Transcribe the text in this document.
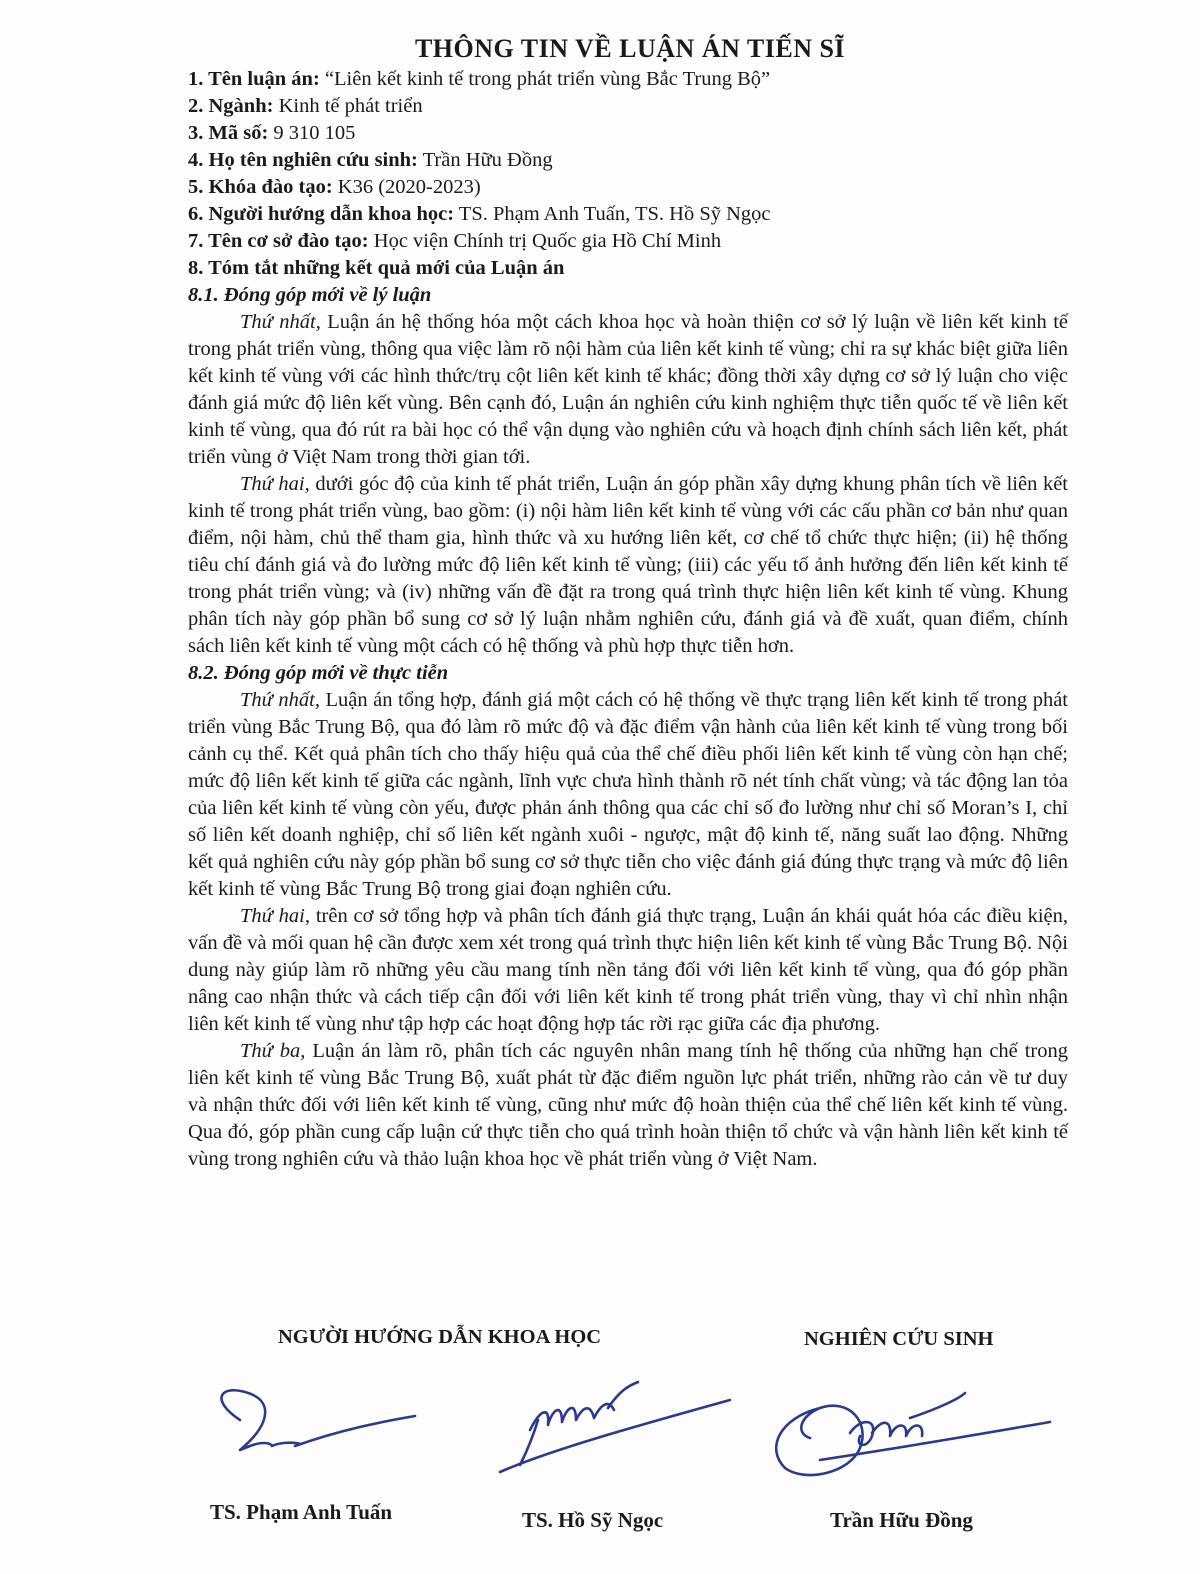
THÔNG TIN VỀ LUẬN ÁN TIẾN SĨ
1. Tên luận án: “Liên kết kinh tế trong phát triển vùng Bắc Trung Bộ”
2. Ngành: Kinh tế phát triển
3. Mã số: 9 310 105
4. Họ tên nghiên cứu sinh: Trần Hữu Đồng
5. Khóa đào tạo: K36 (2020-2023)
6. Người hướng dẫn khoa học: TS. Phạm Anh Tuấn, TS. Hồ Sỹ Ngọc
7. Tên cơ sở đào tạo: Học viện Chính trị Quốc gia Hồ Chí Minh
8. Tóm tắt những kết quả mới của Luận án
8.1. Đóng góp mới về lý luận

Thứ nhất, Luận án hệ thống hóa một cách khoa học và hoàn thiện cơ sở lý luận về liên kết kinh tế trong phát triển vùng, thông qua việc làm rõ nội hàm của liên kết kinh tế vùng; chỉ ra sự khác biệt giữa liên kết kinh tế vùng với các hình thức/trụ cột liên kết kinh tế khác; đồng thời xây dựng cơ sở lý luận cho việc đánh giá mức độ liên kết vùng. Bên cạnh đó, Luận án nghiên cứu kinh nghiệm thực tiễn quốc tế về liên kết kinh tế vùng, qua đó rút ra bài học có thể vận dụng vào nghiên cứu và hoạch định chính sách liên kết, phát triển vùng ở Việt Nam trong thời gian tới.

Thứ hai, dưới góc độ của kinh tế phát triển, Luận án góp phần xây dựng khung phân tích về liên kết kinh tế trong phát triển vùng, bao gồm: (i) nội hàm liên kết kinh tế vùng với các cấu phần cơ bản như quan điểm, nội hàm, chủ thể tham gia, hình thức và xu hướng liên kết, cơ chế tổ chức thực hiện; (ii) hệ thống tiêu chí đánh giá và đo lường mức độ liên kết kinh tế vùng; (iii) các yếu tố ảnh hưởng đến liên kết kinh tế trong phát triển vùng; và (iv) những vấn đề đặt ra trong quá trình thực hiện liên kết kinh tế vùng. Khung phân tích này góp phần bổ sung cơ sở lý luận nhằm nghiên cứu, đánh giá và đề xuất, quan điểm, chính sách liên kết kinh tế vùng một cách có hệ thống và phù hợp thực tiễn hơn.

8.2. Đóng góp mới về thực tiễn

Thứ nhất, Luận án tổng hợp, đánh giá một cách có hệ thống về thực trạng liên kết kinh tế trong phát triển vùng Bắc Trung Bộ, qua đó làm rõ mức độ và đặc điểm vận hành của liên kết kinh tế vùng trong bối cảnh cụ thể. Kết quả phân tích cho thấy hiệu quả của thể chế điều phối liên kết kinh tế vùng còn hạn chế; mức độ liên kết kinh tế giữa các ngành, lĩnh vực chưa hình thành rõ nét tính chất vùng; và tác động lan tỏa của liên kết kinh tế vùng còn yếu, được phản ánh thông qua các chỉ số đo lường như chỉ số Moran’s I, chỉ số liên kết doanh nghiệp, chỉ số liên kết ngành xuôi - ngược, mật độ kinh tế, năng suất lao động. Những kết quả nghiên cứu này góp phần bổ sung cơ sở thực tiễn cho việc đánh giá đúng thực trạng và mức độ liên kết kinh tế vùng Bắc Trung Bộ trong giai đoạn nghiên cứu.

Thứ hai, trên cơ sở tổng hợp và phân tích đánh giá thực trạng, Luận án khái quát hóa các điều kiện, vấn đề và mối quan hệ cần được xem xét trong quá trình thực hiện liên kết kinh tế vùng Bắc Trung Bộ. Nội dung này giúp làm rõ những yêu cầu mang tính nền tảng đối với liên kết kinh tế vùng, qua đó góp phần nâng cao nhận thức và cách tiếp cận đối với liên kết kinh tế trong phát triển vùng, thay vì chỉ nhìn nhận liên kết kinh tế vùng như tập hợp các hoạt động hợp tác rời rạc giữa các địa phương.

Thứ ba, Luận án làm rõ, phân tích các nguyên nhân mang tính hệ thống của những hạn chế trong liên kết kinh tế vùng Bắc Trung Bộ, xuất phát từ đặc điểm nguồn lực phát triển, những rào cản về tư duy và nhận thức đối với liên kết kinh tế vùng, cũng như mức độ hoàn thiện của thể chế liên kết kinh tế vùng. Qua đó, góp phần cung cấp luận cứ thực tiễn cho quá trình hoàn thiện tổ chức và vận hành liên kết kinh tế vùng trong nghiên cứu và thảo luận khoa học về phát triển vùng ở Việt Nam.

NGƯỜI HƯỚNG DẪN KHOA HỌC	NGHIÊN CỨU SINH
TS. Phạm Anh Tuấn	TS. Hồ Sỹ Ngọc	Trần Hữu Đồng
